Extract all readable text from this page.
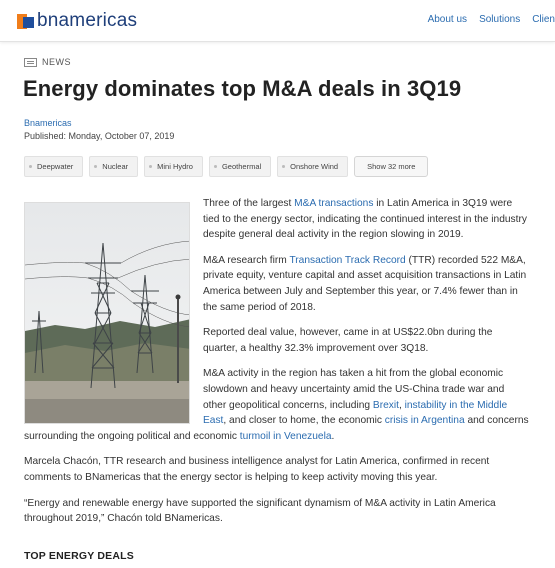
bnamericas	About us Solutions Clien
NEWS
Energy dominates top M&A deals in 3Q19
Bnamericas
Published: Monday, October 07, 2019
Deepwater	Nuclear	Mini Hydro	Geothermal	Onshore Wind	Show 32 more

Three of the largest M&A transactions in Latin America in 3Q19 were tied to the energy sector, indicating the continued interest in the industry despite general deal activity in the region slowing in 2019.

M&A research firm Transaction Track Record (TTR) recorded 522 M&A, private equity, venture capital and asset acquisition transactions in Latin America between July and September this year, or 7.4% fewer than in the same period of 2018.

Reported deal value, however, came in at US$22.0bn during the quarter, a healthy 32.3% improvement over 3Q18.

M&A activity in the region has taken a hit from the global economic slowdown and heavy uncertainty amid the US-China trade war and other geopolitical concerns, including Brexit, instability in the Middle East, and closer to home, the economic crisis in Argentina and concerns surrounding the ongoing political and economic turmoil in Venezuela.

Marcela Chacón, TTR research and business intelligence analyst for Latin America, confirmed in recent comments to BNamericas that the energy sector is helping to keep activity moving this year.

“Energy and renewable energy have supported the significant dynamism of M&A activity in Latin America throughout 2019,” Chacón told BNamericas.

TOP ENERGY DEALS
